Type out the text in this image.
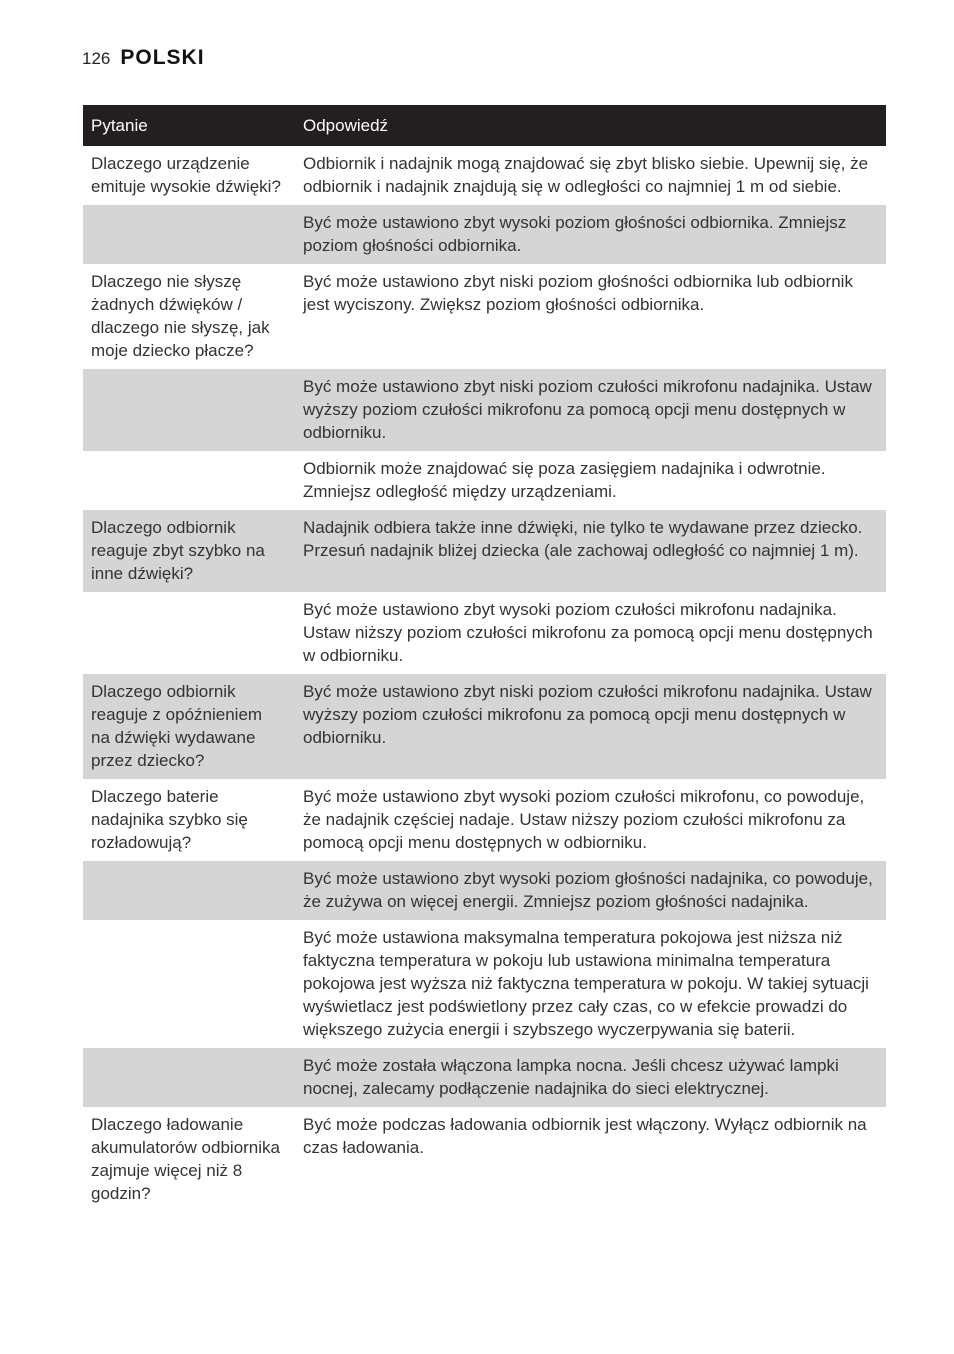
126 POLSKI
Pytanie	Odpowiedź
Dlaczego urządzenie emituje wysokie dźwięki?	Odbiornik i nadajnik mogą znajdować się zbyt blisko siebie. Upewnij się, że odbiornik i nadajnik znajdują się w odległości co najmniej 1 m od siebie.
	Być może ustawiono zbyt wysoki poziom głośności odbiornika. Zmniejsz poziom głośności odbiornika.
Dlaczego nie słyszę żadnych dźwięków / dlaczego nie słyszę, jak moje dziecko płacze?	Być może ustawiono zbyt niski poziom głośności odbiornika lub odbiornik jest wyciszony. Zwiększ poziom głośności odbiornika.
	Być może ustawiono zbyt niski poziom czułości mikrofonu nadajnika. Ustaw wyższy poziom czułości mikrofonu za pomocą opcji menu dostępnych w odbiorniku.
	Odbiornik może znajdować się poza zasięgiem nadajnika i odwrotnie. Zmniejsz odległość między urządzeniami.
Dlaczego odbiornik reaguje zbyt szybko na inne dźwięki?	Nadajnik odbiera także inne dźwięki, nie tylko te wydawane przez dziecko. Przesuń nadajnik bliżej dziecka (ale zachowaj odległość co najmniej 1 m).
	Być może ustawiono zbyt wysoki poziom czułości mikrofonu nadajnika. Ustaw niższy poziom czułości mikrofonu za pomocą opcji menu dostępnych w odbiorniku.
Dlaczego odbiornik reaguje z opóźnieniem na dźwięki wydawane przez dziecko?	Być może ustawiono zbyt niski poziom czułości mikrofonu nadajnika. Ustaw wyższy poziom czułości mikrofonu za pomocą opcji menu dostępnych w odbiorniku.
Dlaczego baterie nadajnika szybko się rozładowują?	Być może ustawiono zbyt wysoki poziom czułości mikrofonu, co powoduje, że nadajnik częściej nadaje. Ustaw niższy poziom czułości mikrofonu za pomocą opcji menu dostępnych w odbiorniku.
	Być może ustawiono zbyt wysoki poziom głośności nadajnika, co powoduje, że zużywa on więcej energii. Zmniejsz poziom głośności nadajnika.
	Być może ustawiona maksymalna temperatura pokojowa jest niższa niż faktyczna temperatura w pokoju lub ustawiona minimalna temperatura pokojowa jest wyższa niż faktyczna temperatura w pokoju. W takiej sytuacji wyświetlacz jest podświetlony przez cały czas, co w efekcie prowadzi do większego zużycia energii i szybszego wyczerpywania się baterii.
	Być może została włączona lampka nocna. Jeśli chcesz używać lampki nocnej, zalecamy podłączenie nadajnika do sieci elektrycznej.
Dlaczego ładowanie akumulatorów odbiornika zajmuje więcej niż 8 godzin?	Być może podczas ładowania odbiornik jest włączony. Wyłącz odbiornik na czas ładowania.
